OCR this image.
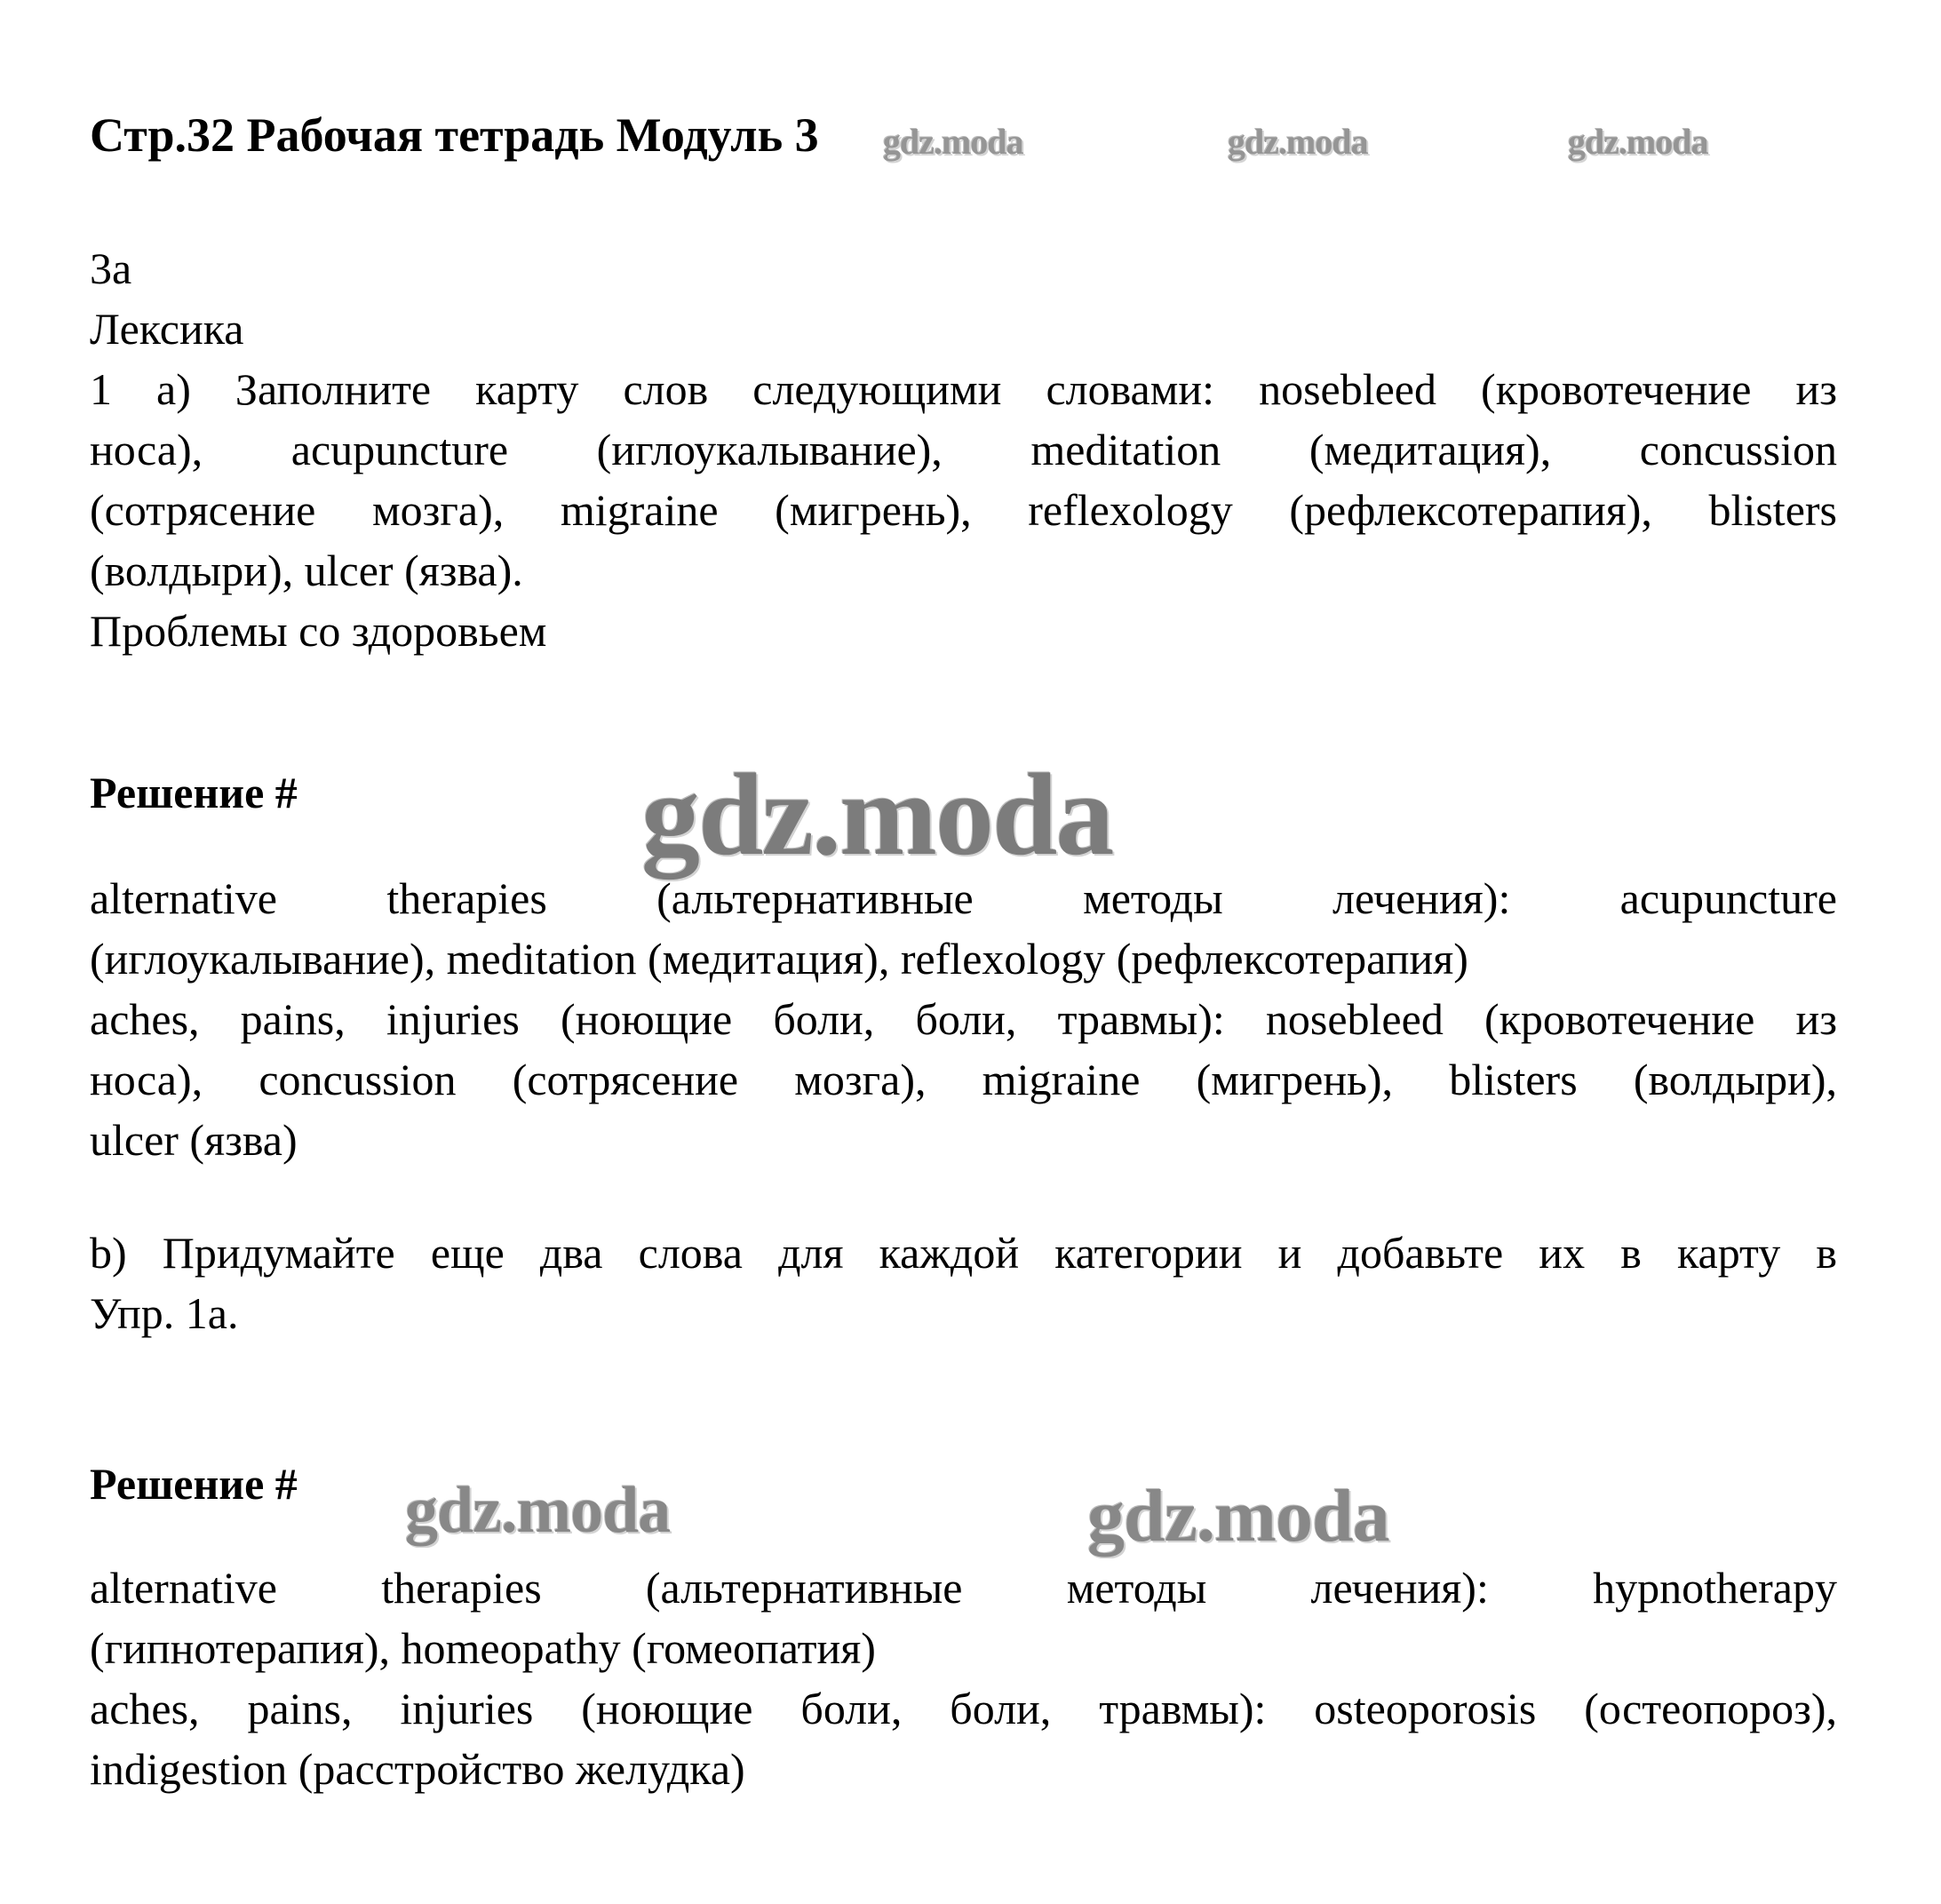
Стр.32 Рабочая тетрадь Модуль 3
3a
Лексика
1 a) Заполните карту слов следующими словами: nosebleed (кровотечение из
носа), acupuncture (иглоукалывание), meditation (медитация), concussion
(сотрясение мозга), migraine (мигрень), reflexology (рефлексотерапия), blisters
(волдыри), ulcer (язва).
Проблемы со здоровьем
Решение #
alternative therapies (альтернативные методы лечения): acupuncture
(иглоукалывание), meditation (медитация), reflexology (рефлексотерапия)
aches, pains, injuries (ноющие боли, боли, травмы): nosebleed (кровотечение из
носа), concussion (сотрясение мозга), migraine (мигрень), blisters (волдыри),
ulcer (язва)
b) Придумайте еще два слова для каждой категории и добавьте их в карту в
Упр. 1a.
Решение #
alternative therapies (альтернативные методы лечения): hypnotherapy
(гипнотерапия), homeopathy (гомеопатия)
aches, pains, injuries (ноющие боли, боли, травмы): osteoporosis (остеопороз),
indigestion (расстройство желудка)
gdz.moda	gdz.moda	gdz.moda
gdz.moda
gdz.moda	gdz.moda
